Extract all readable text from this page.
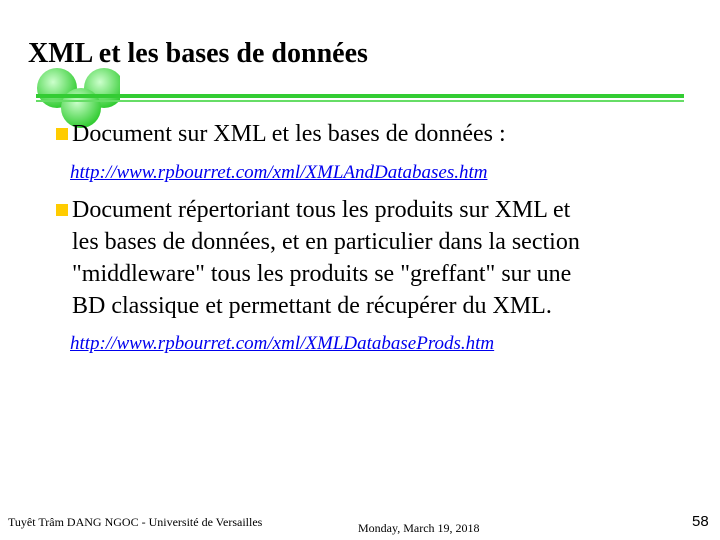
XML et les bases de données
Document sur XML et les bases de données :
http://www.rpbourret.com/xml/XMLAndDatabases.htm
Document répertoriant tous les produits sur XML et
les bases de données, et en particulier dans la section
"middleware" tous les produits se "greffant" sur une
BD classique et permettant de récupérer du XML.
http://www.rpbourret.com/xml/XMLDatabaseProds.htm
Tuyêt Trâm DANG NGOC - Université de Versailles	Monday, March 19, 2018	58
